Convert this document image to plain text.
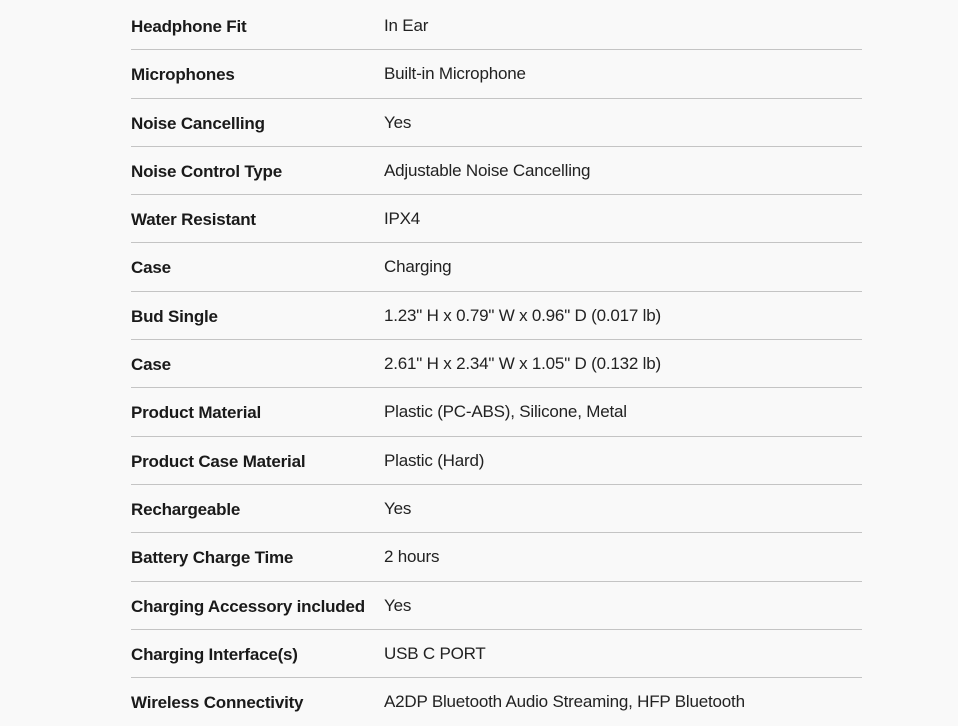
Headphone Fit	In Ear
Microphones	Built-in Microphone
Noise Cancelling	Yes
Noise Control Type	Adjustable Noise Cancelling
Water Resistant	IPX4
Case	Charging
Bud Single	1.23" H x 0.79" W x 0.96" D (0.017 lb)
Case	2.61" H x 2.34" W x 1.05" D (0.132 lb)
Product Material	Plastic (PC-ABS), Silicone, Metal
Product Case Material	Plastic (Hard)
Rechargeable	Yes
Battery Charge Time	2 hours
Charging Accessory included Yes
Charging Interface(s)	USB C PORT
Wireless Connectivity	A2DP Bluetooth Audio Streaming, HFP Bluetooth
